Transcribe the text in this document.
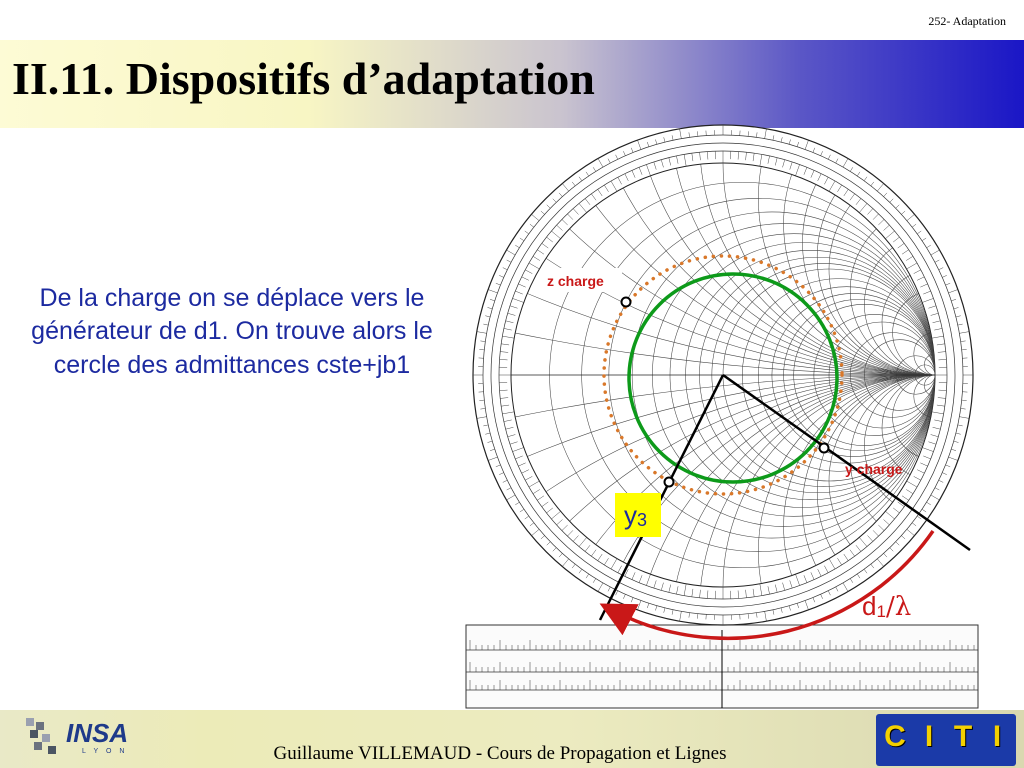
252- Adaptation
II.11. Dispositifs d’adaptation
De la charge on se déplace vers le générateur de d1. On trouve alors le cercle des admittances cste+jb1
z charge
y charge
y3
d1/λ
INSA
L Y O N	Guillaume VILLEMAUD - Cours de Propagation et Lignes
C I T I
